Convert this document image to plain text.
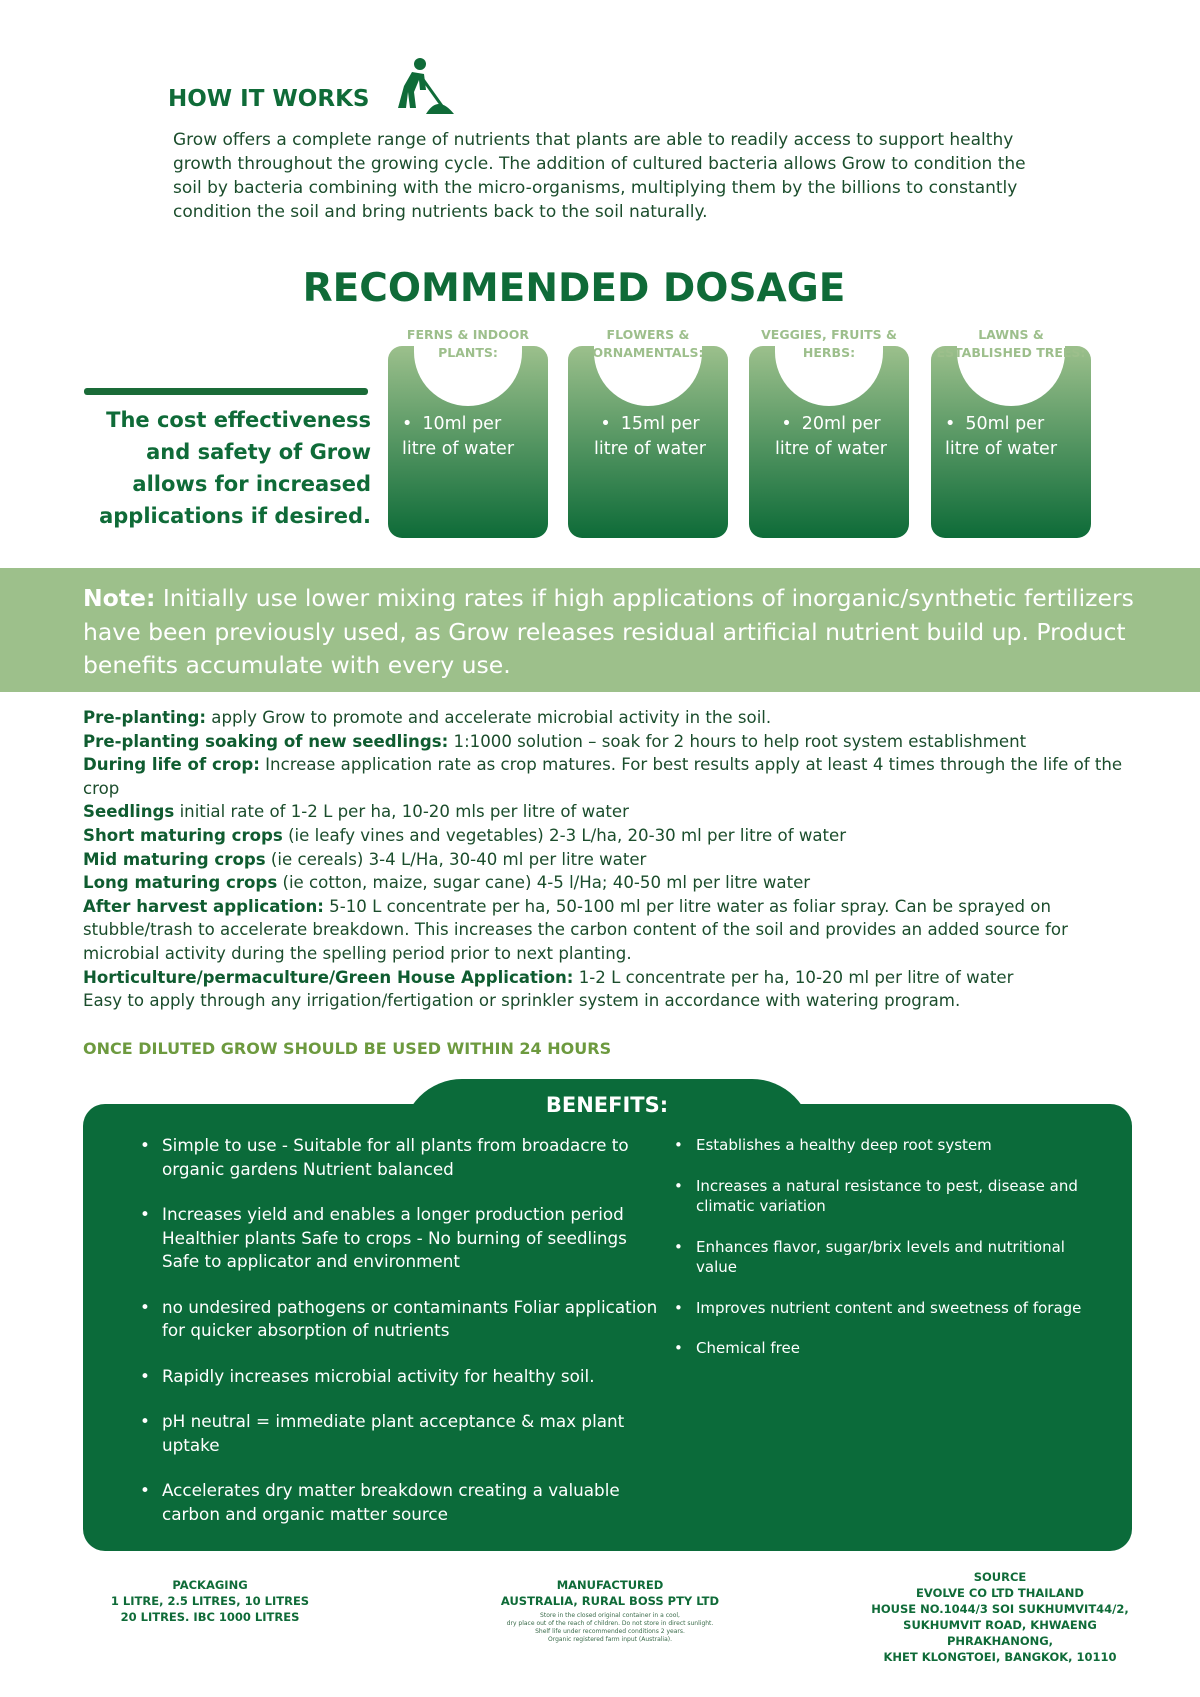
HOW IT WORKS

Grow offers a complete range of nutrients that plants are able to readily access to support healthy growth throughout the growing cycle. The addition of cultured bacteria allows Grow to condition the soil by bacteria combining with the micro-organisms, multiplying them by the billions to constantly condition the soil and bring nutrients back to the soil naturally.

RECOMMENDED DOSAGE
The cost effectiveness and safety of Grow allows for increased applications if desired.
• 10ml per litre of water
FERNS & INDOOR PLANTS:
• 15ml per litre of water
FLOWERS & ORNAMENTALS:
• 20ml per litre of water
VEGGIES, FRUITS & HERBS:
• 50ml per litre of water
LAWNS & ESTABLISHED TREES:
Note: Initially use lower mixing rates if high applications of inorganic/synthetic fertilizers have been previously used, as Grow releases residual artificial nutrient build up. Product benefits accumulate with every use.
Pre-planting: apply Grow to promote and accelerate microbial activity in the soil.
Pre-planting soaking of new seedlings: 1:1000 solution – soak for 2 hours to help root system establishment
During life of crop: Increase application rate as crop matures. For best results apply at least 4 times through the life of the crop
Seedlings initial rate of 1-2 L per ha, 10-20 mls per litre of water
Short maturing crops (ie leafy vines and vegetables) 2-3 L/ha, 20-30 ml per litre of water
Mid maturing crops (ie cereals) 3-4 L/Ha, 30-40 ml per litre water
Long maturing crops (ie cotton, maize, sugar cane) 4-5 l/Ha; 40-50 ml per litre water
After harvest application: 5-10 L concentrate per ha, 50-100 ml per litre water as foliar spray. Can be sprayed on stubble/trash to accelerate breakdown. This increases the carbon content of the soil and provides an added source for microbial activity during the spelling period prior to next planting.
Horticulture/permaculture/Green House Application: 1-2 L concentrate per ha, 10-20 ml per litre of water
Easy to apply through any irrigation/fertigation or sprinkler system in accordance with watering program.
ONCE DILUTED GROW SHOULD BE USED WITHIN 24 HOURS
BENEFITS:
• Simple to use - Suitable for all plants from broadacre to organic gardens Nutrient balanced
• Increases yield and enables a longer production period Healthier plants Safe to crops - No burning of seedlings Safe to applicator and environment
• no undesired pathogens or contaminants Foliar application for quicker absorption of nutrients
• Rapidly increases microbial activity for healthy soil.
• pH neutral = immediate plant acceptance & max plant uptake
• Accelerates dry matter breakdown creating a valuable carbon and organic matter source
• Establishes a healthy deep root system
• Increases a natural resistance to pest, disease and climatic variation
• Enhances flavor, sugar/brix levels and nutritional value
• Improves nutrient content and sweetness of forage
• Chemical free
PACKAGING
1 LITRE, 2.5 LITRES, 10 LITRES
20 LITRES. IBC 1000 LITRES
MANUFACTURED
AUSTRALIA, RURAL BOSS PTY LTD
Store in the closed original container in a cool,
dry place out of the reach of children. Do not store in direct sunlight.
Shelf life under recommended conditions 2 years.
Organic registered farm input (Australia).
SOURCE
EVOLVE CO LTD THAILAND
HOUSE NO.1044/3 SOI SUKHUMVIT44/2,
SUKHUMVIT ROAD, KHWAENG PHRAKHANONG,
KHET KLONGTOEI, BANGKOK, 10110
